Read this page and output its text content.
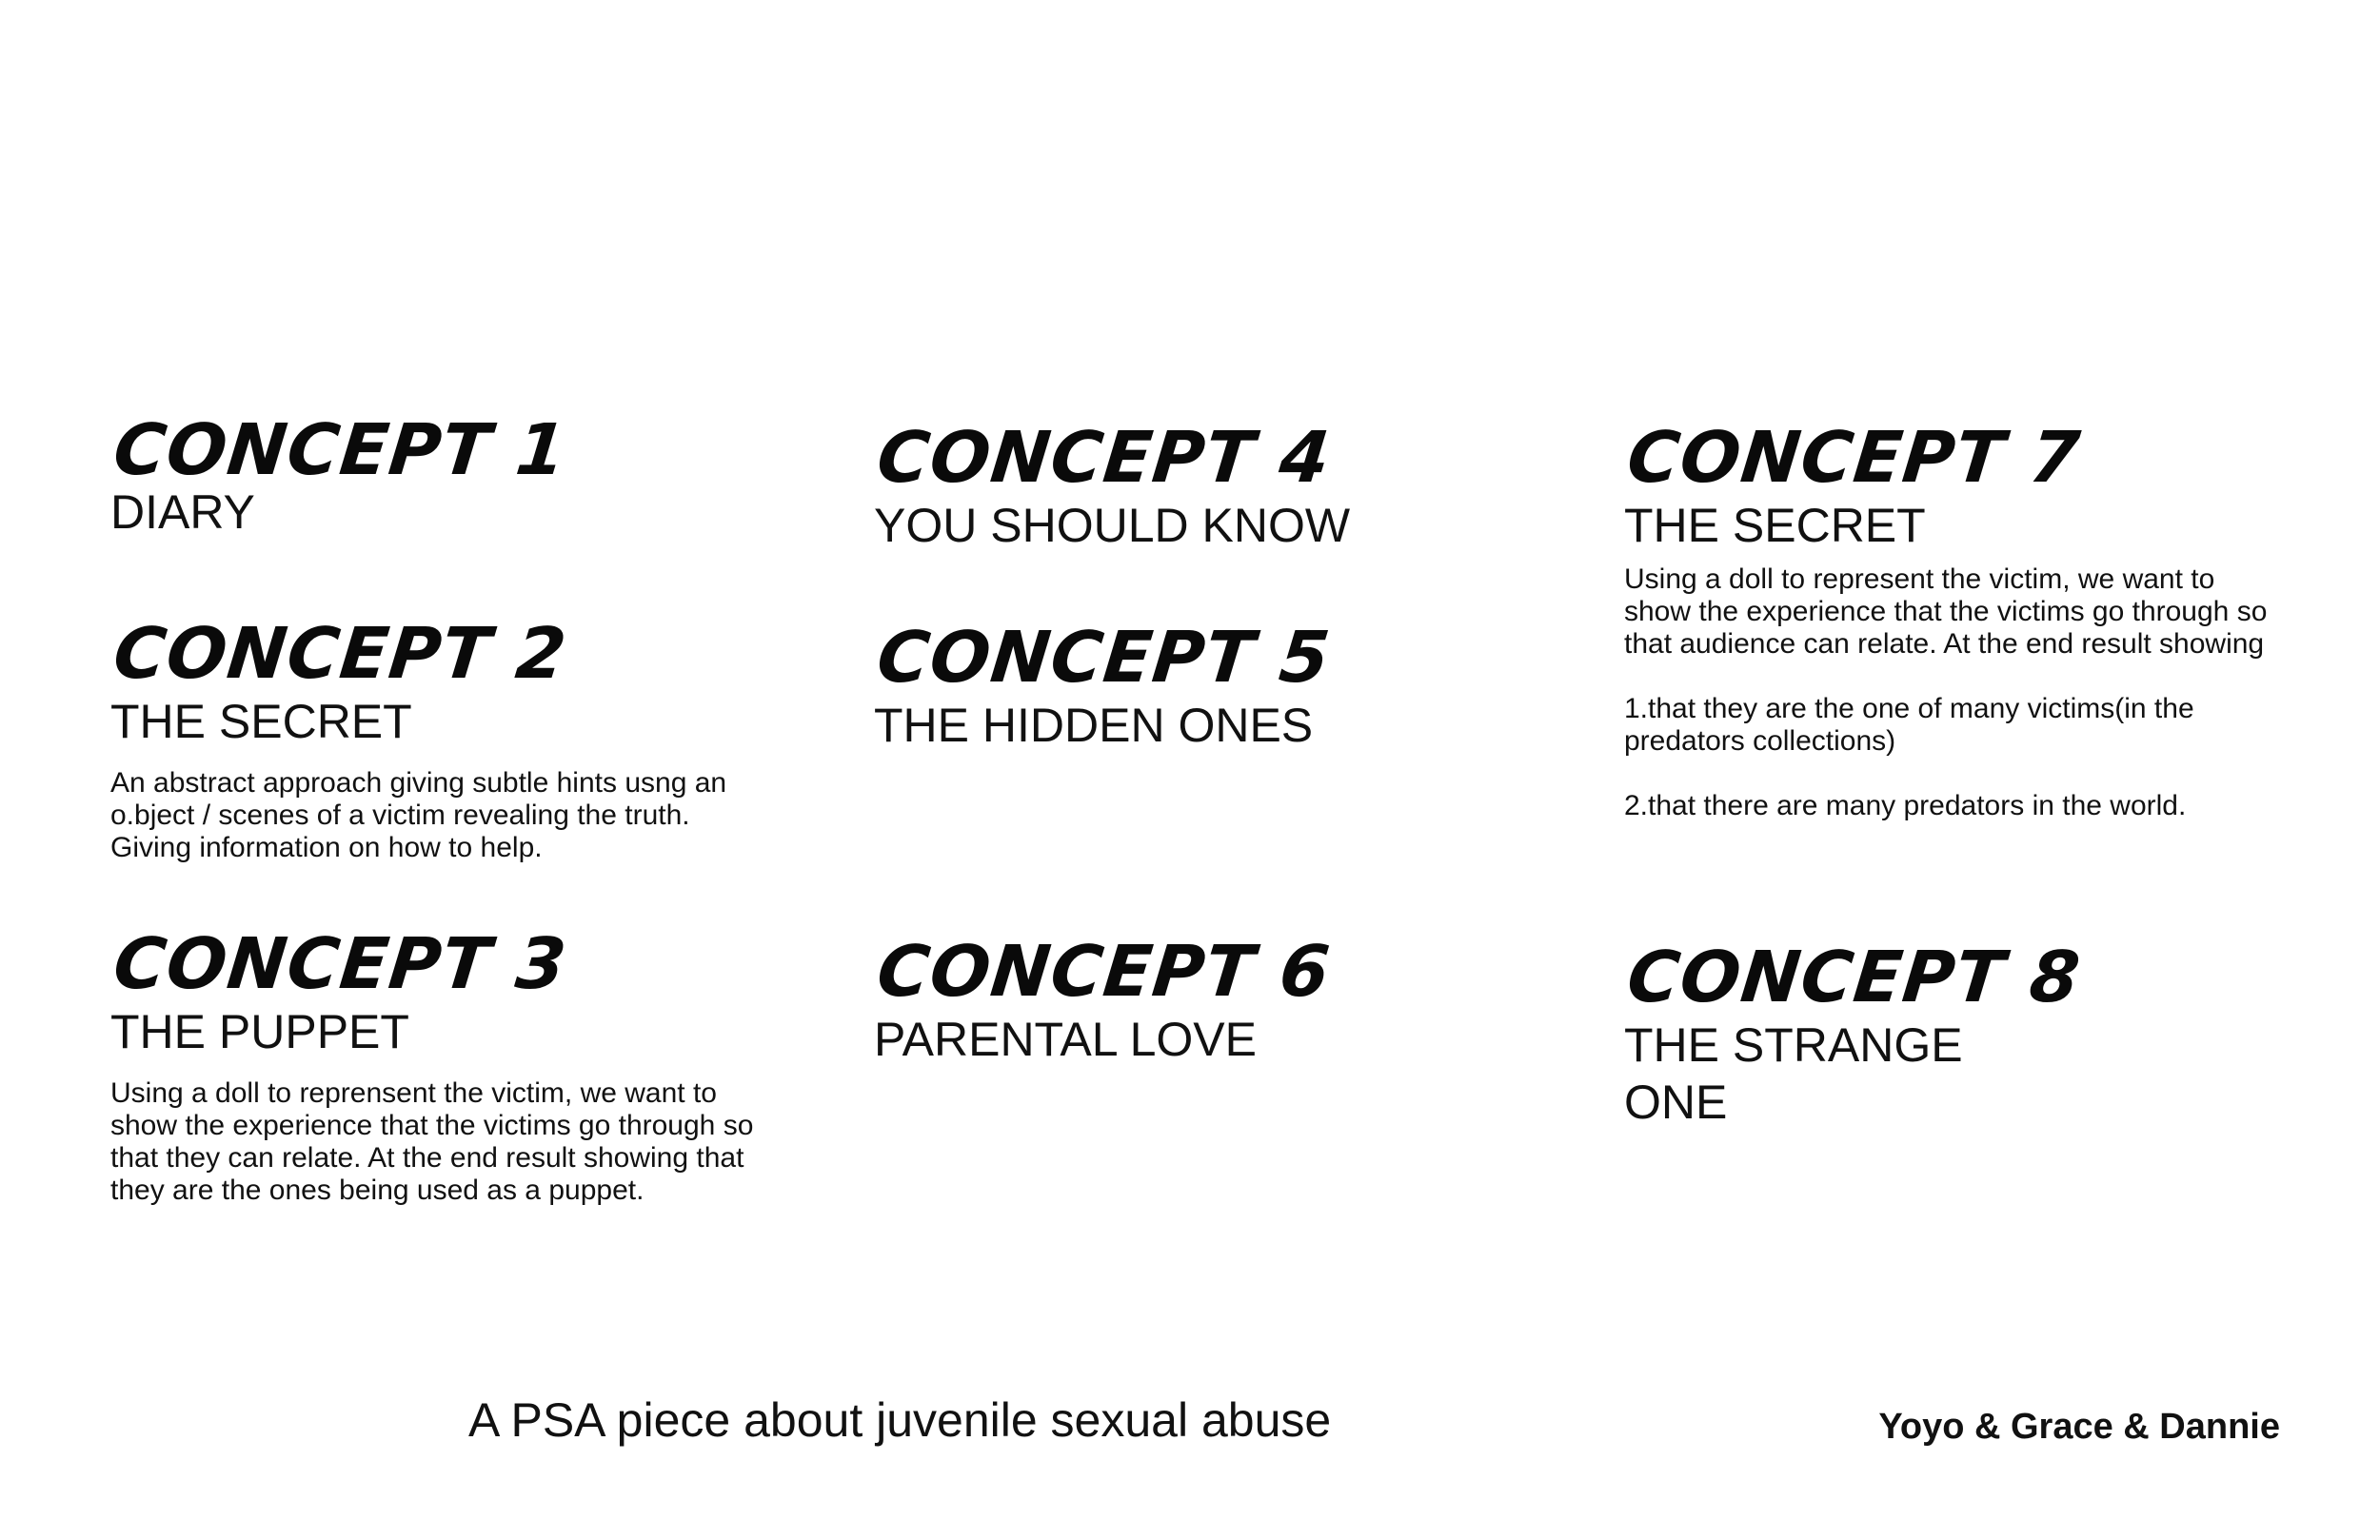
CONCEPT 1
DIARY
CONCEPT 2
THE SECRET
An abstract approach giving subtle hints usng an
o.bject / scenes of a victim revealing the truth.
Giving information on how to help.
CONCEPT 3
THE PUPPET
Using a doll to reprensent the victim, we want to
show the experience that the victims go through so
that they can relate. At the end result showing that
they are the ones being used as a puppet.
CONCEPT 4
YOU SHOULD KNOW
CONCEPT 5
THE HIDDEN ONES
CONCEPT 6
PARENTAL LOVE
CONCEPT 7
THE SECRET
Using a doll to represent the victim, we want to
show the experience that the victims go through so
that audience can relate. At the end result showing

1.that they are the one of many victims(in the
predators collections)

2.that there are many predators in the world.
CONCEPT 8
THE STRANGE
ONE
A PSA piece about juvenile sexual abuse	Yoyo & Grace & Dannie
